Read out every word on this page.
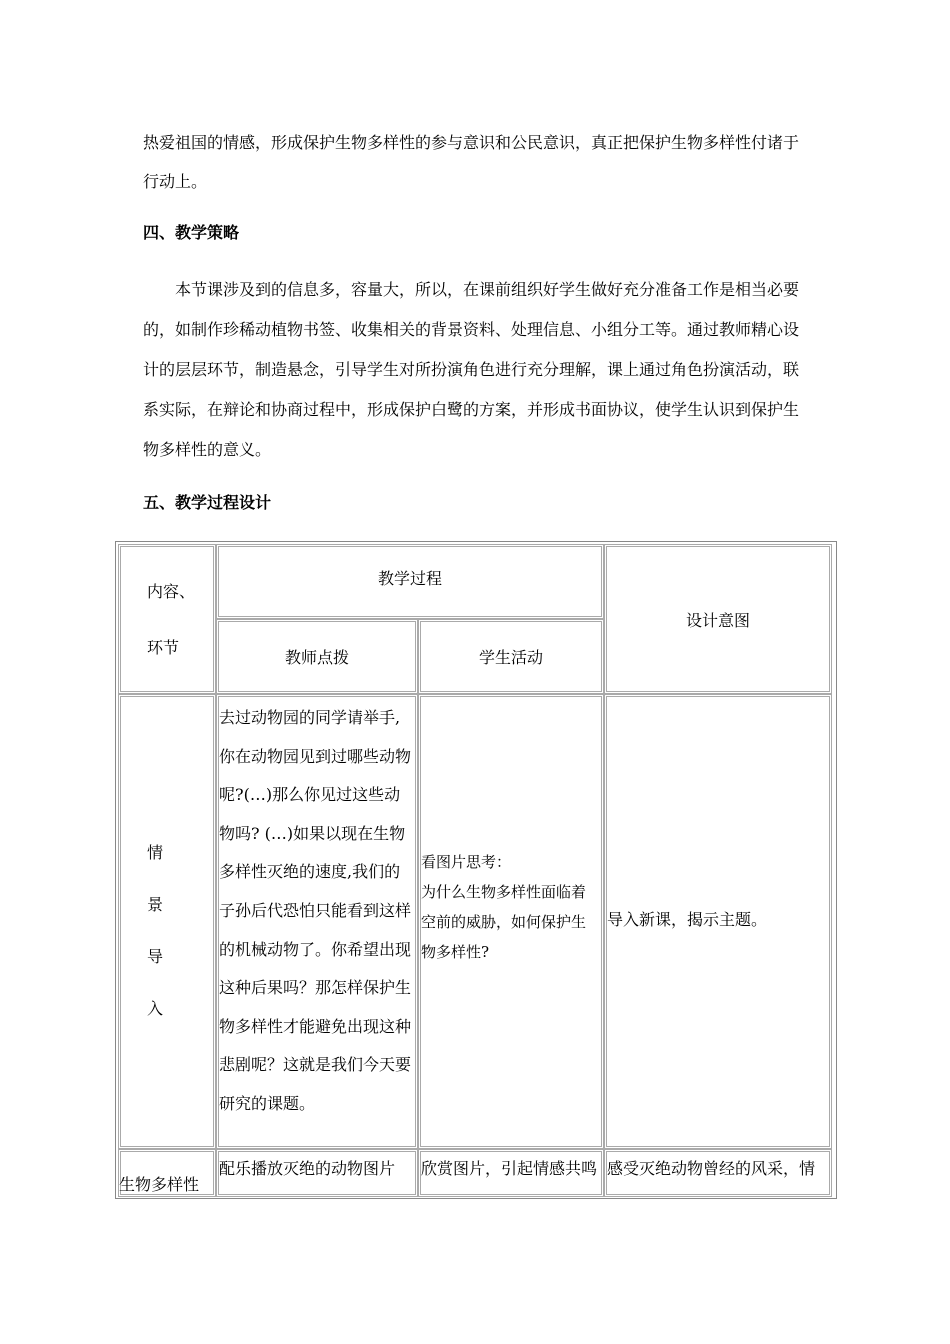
热爱祖国的情感，形成保护生物多样性的参与意识和公民意识，真正把保护生物多样性付诸于行动上。

四、教学策略

本节课涉及到的信息多，容量大，所以，在课前组织好学生做好充分准备工作是相当必要的，如制作珍稀动植物书签、收集相关的背景资料、处理信息、小组分工等。通过教师精心设计的层层环节，制造悬念，引导学生对所扮演角色进行充分理解，课上通过角色扮演活动，联系实际，在辩论和协商过程中，形成保护白鹭的方案，并形成书面协议，使学生认识到保护生物多样性的意义。

五、教学过程设计
内容、
环节
教学过程
教师点拨	学生活动
设计意图
情
景
导
入
去过动物园的同学请举手,
你在动物园见到过哪些动物
呢?(…)那么你见过这些动
物吗? (…)如果以现在生物
多样性灭绝的速度,我们的
子孙后代恐怕只能看到这样
的机械动物了。你希望出现
这种后果吗？那怎样保护生
物多样性才能避免出现这种
悲剧呢？这就是我们今天要
研究的课题。
看图片思考：
为什么生物多样性面临着
空前的威胁，如何保护生
物多样性?
导入新课，揭示主题。
生物多样性
配乐播放灭绝的动物图片 欣赏图片，引起情感共鸣 感受灭绝动物曾经的风采，情
